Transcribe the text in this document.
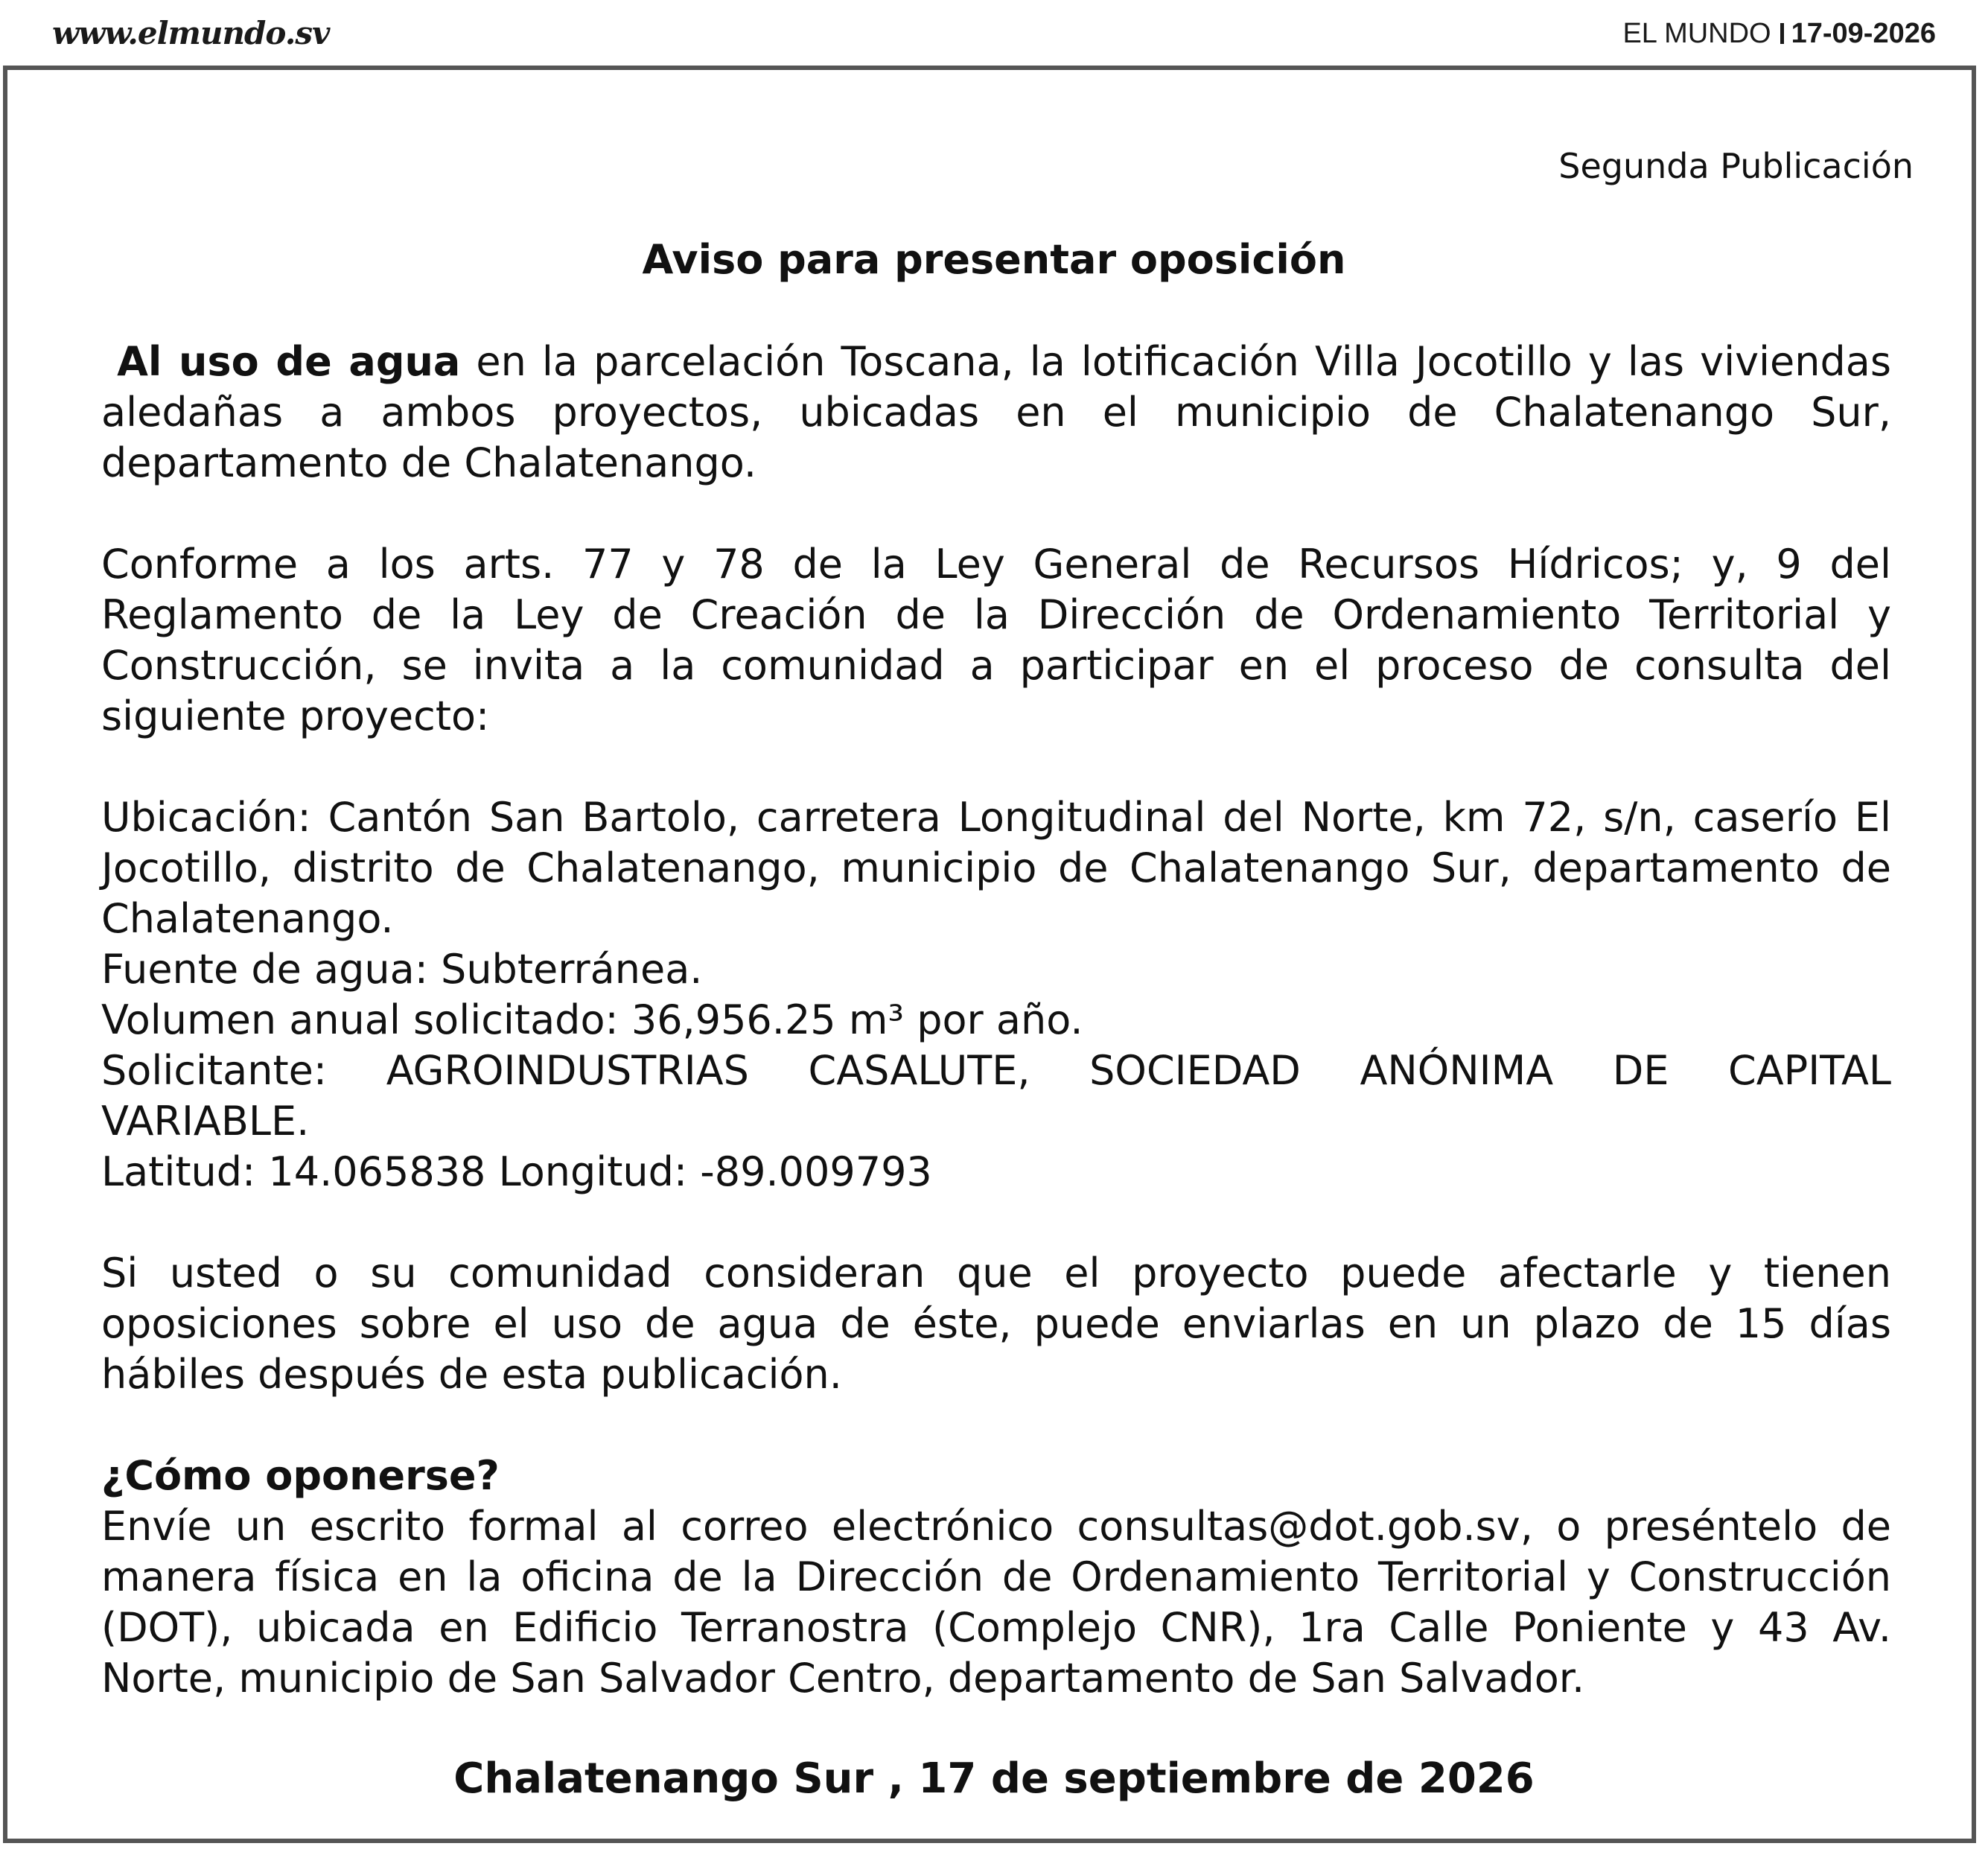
www.elmundo.sv	EL MUNDO 17-09-2026
Segunda Publicación
Aviso para presentar oposición
Al uso de agua en la parcelación Toscana, la lotificación Villa Jocotillo y las viviendas aledañas a ambos proyectos, ubicadas en el municipio de Chalatenango Sur, departamento de Chalatenango.
Conforme a los arts. 77 y 78 de la Ley General de Recursos Hídricos; y, 9 del Reglamento de la Ley de Creación de la Dirección de Ordenamiento Territorial y Construcción, se invita a la comunidad a participar en el proceso de consulta del siguiente proyecto:
Ubicación: Cantón San Bartolo, carretera Longitudinal del Norte, km 72, s/n, caserío El Jocotillo, distrito de Chalatenango, municipio de Chalatenango Sur, departamento de Chalatenango.
Fuente de agua: Subterránea.
Volumen anual solicitado: 36,956.25 m³ por año.
Solicitante: AGROINDUSTRIAS CASALUTE, SOCIEDAD ANÓNIMA DE CAPITAL
VARIABLE.
Latitud: 14.065838 Longitud: -89.009793
Si usted o su comunidad consideran que el proyecto puede afectarle y tienen oposiciones sobre el uso de agua de éste, puede enviarlas en un plazo de 15 días hábiles después de esta publicación.
¿Cómo oponerse?
Envíe un escrito formal al correo electrónico consultas@dot.gob.sv, o preséntelo de manera física en la oficina de la Dirección de Ordenamiento Territorial y Construcción (DOT), ubicada en Edificio Terranostra (Complejo CNR), 1ra Calle Poniente y 43 Av. Norte, municipio de San Salvador Centro, departamento de San Salvador.
Chalatenango Sur , 17 de septiembre de 2026
